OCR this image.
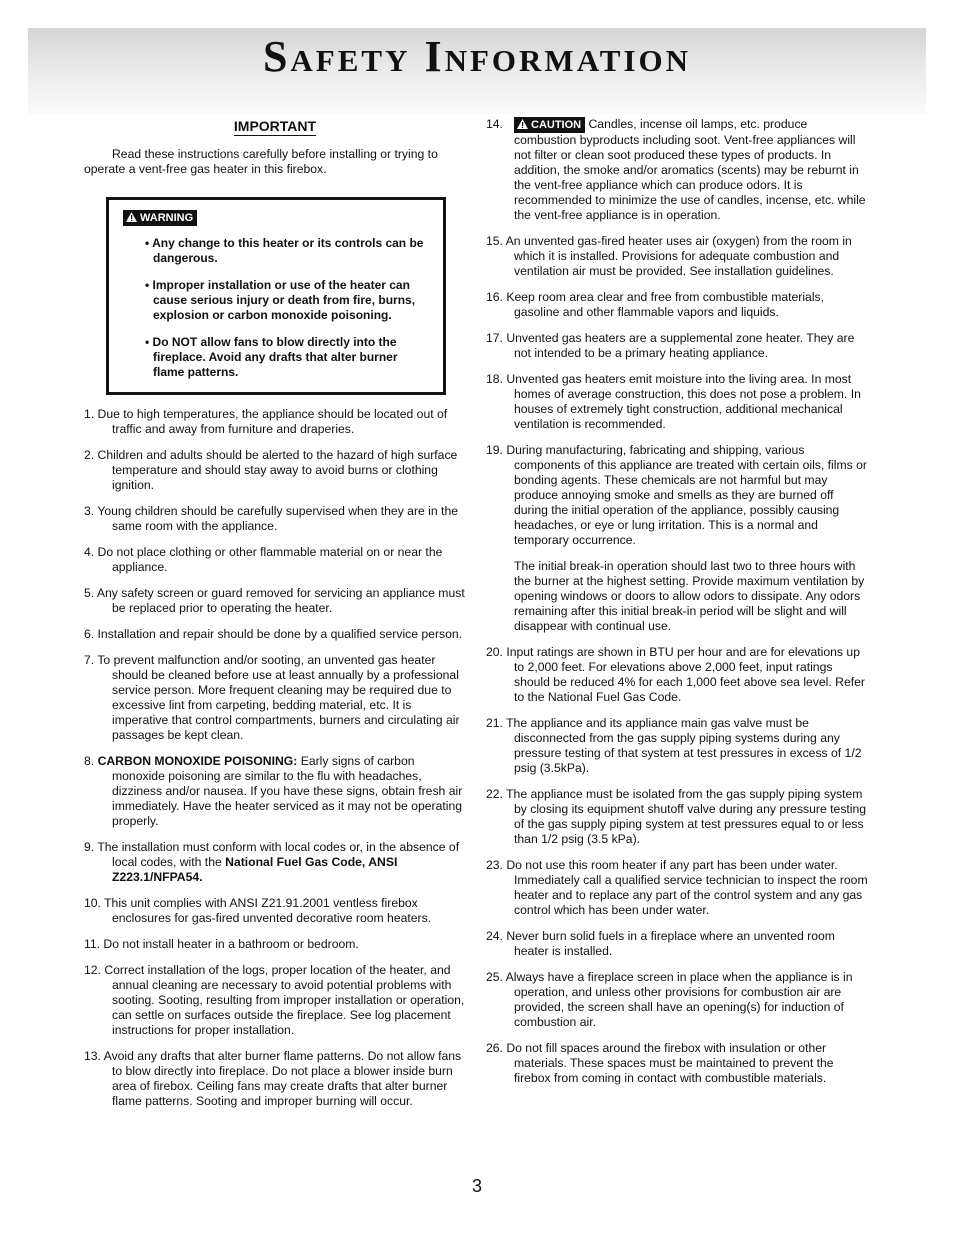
Safety Information
IMPORTANT

Read these instructions carefully before installing or trying to operate a vent-free gas heater in this firebox.

WARNING
• Any change to this heater or its controls can be dangerous.
• Improper installation or use of the heater can cause serious injury or death from fire, burns, explosion or carbon monoxide poisoning.
• Do NOT allow fans to blow directly into the fireplace. Avoid any drafts that alter burner flame patterns.

1. Due to high temperatures, the appliance should be located out of traffic and away from furniture and draperies.

2. Children and adults should be alerted to the hazard of high surface temperature and should stay away to avoid burns or clothing ignition.

3. Young children should be carefully supervised when they are in the same room with the appliance.

4. Do not place clothing or other flammable material on or near the appliance.

5. Any safety screen or guard removed for servicing an appliance must be replaced prior to operating the heater.

6. Installation and repair should be done by a qualified service person.

7. To prevent malfunction and/or sooting, an unvented gas heater should be cleaned before use at least annually by a professional service person. More frequent cleaning may be required due to excessive lint from carpeting, bedding material, etc. It is imperative that control compartments, burners and circulating air passages be kept clean.

8. CARBON MONOXIDE POISONING: Early signs of carbon monoxide poisoning are similar to the flu with headaches, dizziness and/or nausea. If you have these signs, obtain fresh air immediately. Have the heater serviced as it may not be operating properly.

9. The installation must conform with local codes or, in the absence of local codes, with the National Fuel Gas Code, ANSI Z223.1/NFPA54.

10. This unit complies with ANSI Z21.91.2001 ventless firebox enclosures for gas-fired unvented decorative room heaters.

11. Do not install heater in a bathroom or bedroom.

12. Correct installation of the logs, proper location of the heater, and annual cleaning are necessary to avoid potential problems with sooting. Sooting, resulting from improper installation or operation, can settle on surfaces outside the fireplace. See log placement instructions for proper installation.

13. Avoid any drafts that alter burner flame patterns. Do not allow fans to blow directly into fireplace. Do not place a blower inside burn area of firebox. Ceiling fans may create drafts that alter burner flame patterns. Sooting and improper burning will occur.

14.	CAUTION Candles, incense oil lamps, etc. produce combustion byproducts including soot. Vent-free appliances will not filter or clean soot produced these types of products. In addition, the smoke and/or aromatics (scents) may be reburnt in the vent-free appliance which can produce odors. It is recommended to minimize the use of candles, incense, etc. while the vent-free appliance is in operation.

15. An unvented gas-fired heater uses air (oxygen) from the room in which it is installed. Provisions for adequate combustion and ventilation air must be provided. See installation guidelines.

16. Keep room area clear and free from combustible materials, gasoline and other flammable vapors and liquids.

17. Unvented gas heaters are a supplemental zone heater. They are not intended to be a primary heating appliance.

18. Unvented gas heaters emit moisture into the living area. In most homes of average construction, this does not pose a problem. In houses of extremely tight construction, additional mechanical ventilation is recommended.

19. During manufacturing, fabricating and shipping, various components of this appliance are treated with certain oils, films or bonding agents. These chemicals are not harmful but may produce annoying smoke and smells as they are burned off during the initial operation of the appliance, possibly causing headaches, or eye or lung irritation. This is a normal and temporary occurrence.

The initial break-in operation should last two to three hours with the burner at the highest setting. Provide maximum ventilation by opening windows or doors to allow odors to dissipate. Any odors remaining after this initial break-in period will be slight and will disappear with continual use.

20. Input ratings are shown in BTU per hour and are for elevations up to 2,000 feet. For elevations above 2,000 feet, input ratings should be reduced 4% for each 1,000 feet above sea level. Refer to the National Fuel Gas Code.

21. The appliance and its appliance main gas valve must be disconnected from the gas supply piping systems during any pressure testing of that system at test pressures in excess of 1/2 psig (3.5kPa).

22. The appliance must be isolated from the gas supply piping system by closing its equipment shutoff valve during any pressure testing of the gas supply piping system at test pressures equal to or less than 1/2 psig (3.5 kPa).

23. Do not use this room heater if any part has been under water. Immediately call a qualified service technician to inspect the room heater and to replace any part of the control system and any gas control which has been under water.

24. Never burn solid fuels in a fireplace where an unvented room heater is installed.

25. Always have a fireplace screen in place when the appliance is in operation, and unless other provisions for combustion air are provided, the screen shall have an opening(s) for induction of combustion air.

26. Do not fill spaces around the firebox with insulation or other materials. These spaces must be maintained to prevent the firebox from coming in contact with combustible materials.

3
